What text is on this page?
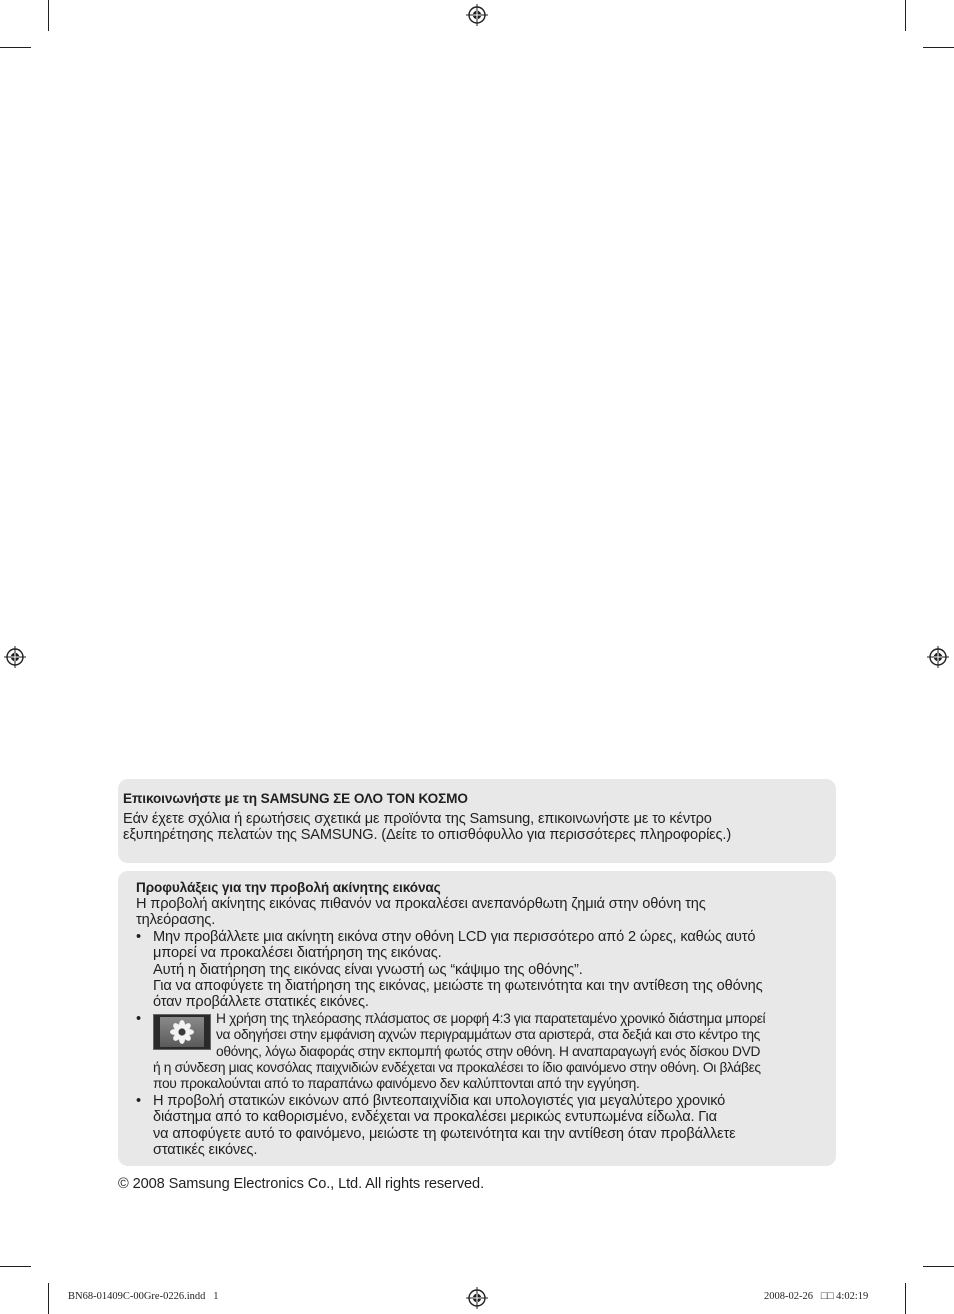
Επικοινωνήστε με τη SAMSUNG ΣΕ ΟΛΟ ΤΟΝ ΚΟΣΜΟ
Εάν έχετε σχόλια ή ερωτήσεις σχετικά με προϊόντα της Samsung, επικοινωνήστε με το κέντρο
εξυπηρέτησης πελατών της SAMSUNG. (Δείτε το οπισθόφυλλο για περισσότερες πληροφορίες.)
Προφυλάξεις για την προβολή ακίνητης εικόνας
Η προβολή ακίνητης εικόνας πιθανόν να προκαλέσει ανεπανόρθωτη ζημιά στην οθόνη της
τηλεόρασης.
• Μην προβάλλετε μια ακίνητη εικόνα στην οθόνη LCD για περισσότερο από 2 ώρες, καθώς αυτό
μπορεί να προκαλέσει διατήρηση της εικόνας.
Αυτή η διατήρηση της εικόνας είναι γνωστή ως “κάψιμο της οθόνης”.
Για να αποφύγετε τη διατήρηση της εικόνας, μειώστε τη φωτεινότητα και την αντίθεση της οθόνης
όταν προβάλλετε στατικές εικόνες.
•	Η χρήση της τηλεόρασης πλάσματος σε μορφή 4:3 για παρατεταμένο χρονικό διάστημα μπορεί
να οδηγήσει στην εμφάνιση αχνών περιγραμμάτων στα αριστερά, στα δεξιά και στο κέντρο της
οθόνης, λόγω διαφοράς στην εκπομπή φωτός στην οθόνη. Η αναπαραγωγή ενός δίσκου DVD
ή η σύνδεση μιας κονσόλας παιχνιδιών ενδέχεται να προκαλέσει το ίδιο φαινόμενο στην οθόνη. Οι βλάβες
που προκαλούνται από το παραπάνω φαινόμενο δεν καλύπτονται από την εγγύηση.
• Η προβολή στατικών εικόνων από βιντεοπαιχνίδια και υπολογιστές για μεγαλύτερο χρονικό
διάστημα από το καθορισμένο, ενδέχεται να προκαλέσει μερικώς εντυπωμένα είδωλα. Για
να αποφύγετε αυτό το φαινόμενο, μειώστε τη φωτεινότητα και την αντίθεση όταν προβάλλετε
στατικές εικόνες.
© 2008 Samsung Electronics Co., Ltd. All rights reserved.
BN68-01409C-00Gre-0226.indd   1	2008-02-26   □□ 4:02:19
